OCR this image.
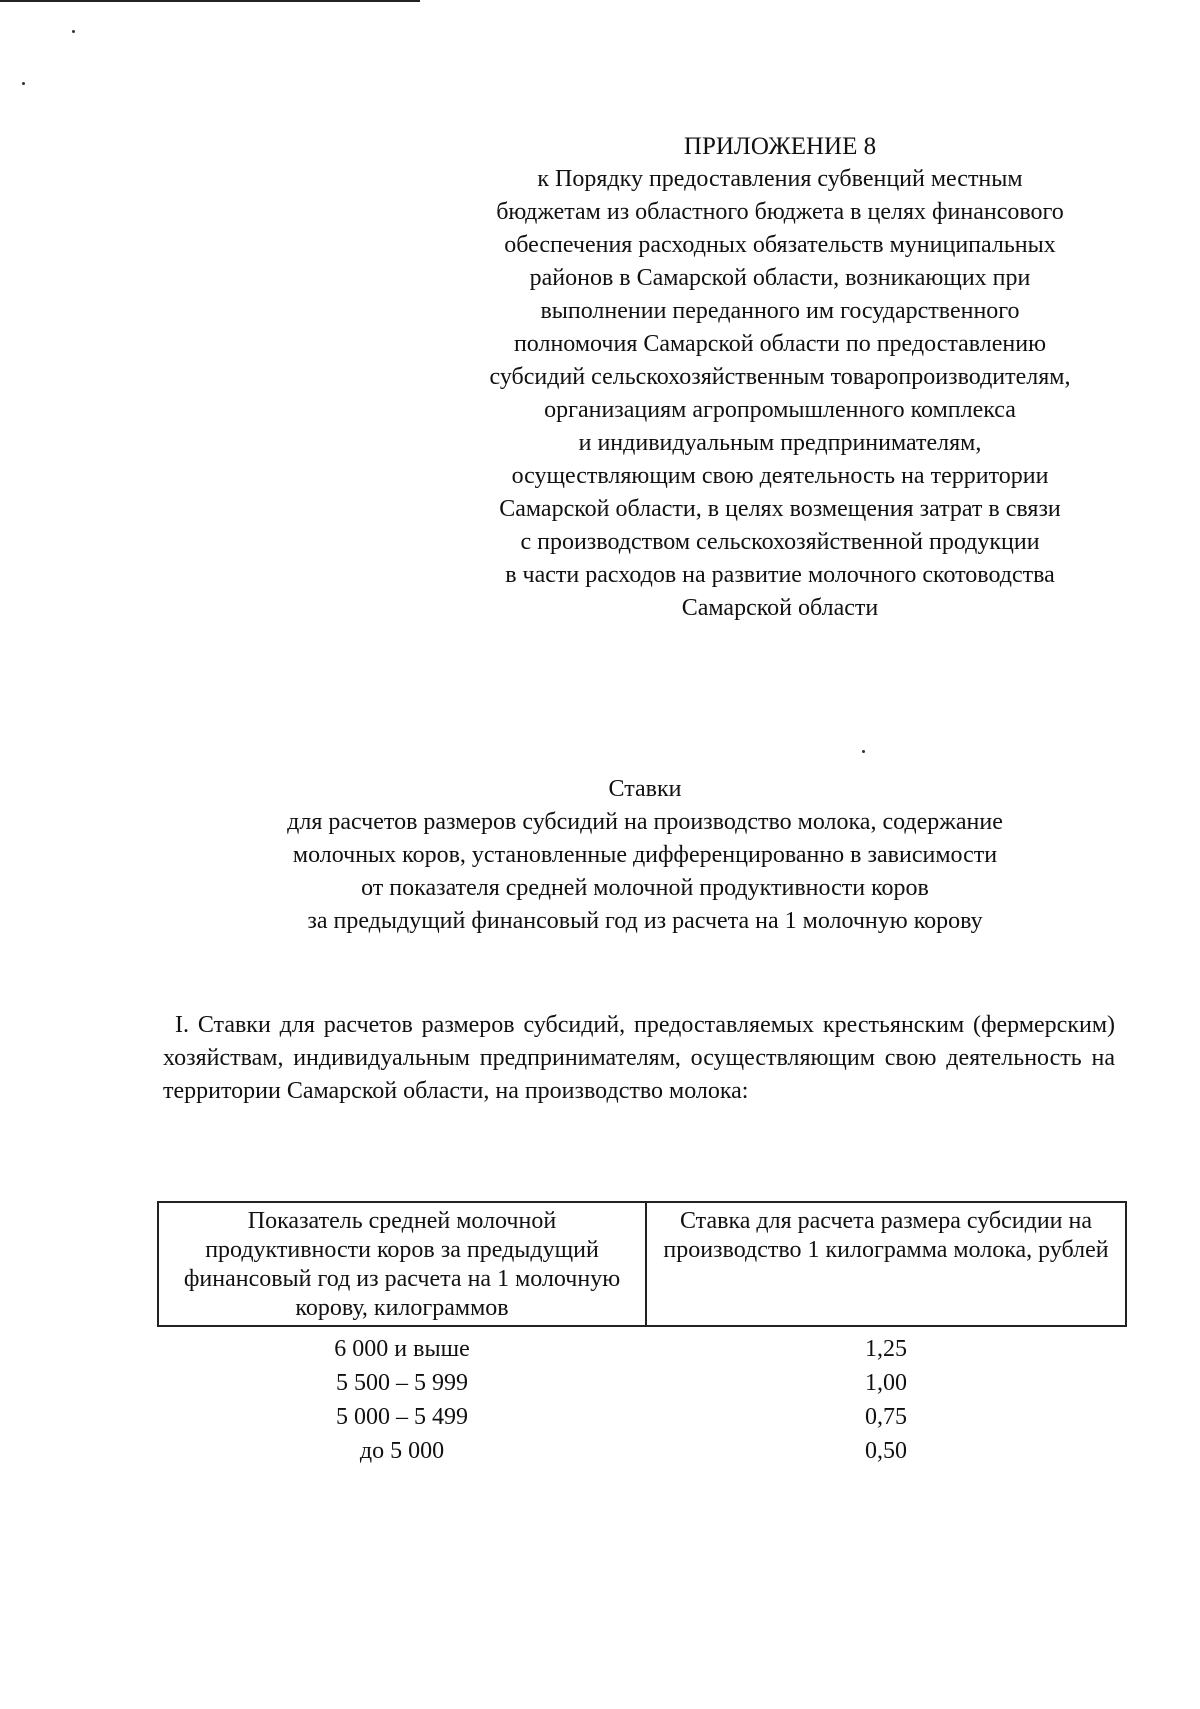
ПРИЛОЖЕНИЕ 8
к Порядку предоставления субвенций местным
бюджетам из областного бюджета в целях финансового
обеспечения расходных обязательств муниципальных
районов в Самарской области, возникающих при
выполнении переданного им государственного
полномочия Самарской области по предоставлению
субсидий сельскохозяйственным товаропроизводителям,
организациям агропромышленного комплекса
и индивидуальным предпринимателям,
осуществляющим свою деятельность на территории
Самарской области, в целях возмещения затрат в связи
с производством сельскохозяйственной продукции
в части расходов на развитие молочного скотоводства
Самарской области
Ставки
для расчетов размеров субсидий на производство молока, содержание
молочных коров, установленные дифференцированно в зависимости
от показателя средней молочной продуктивности коров
за предыдущий финансовый год из расчета на 1 молочную корову
I. Ставки для расчетов размеров субсидий, предоставляемых крестьянским (фермерским) хозяйствам, индивидуальным предпринимателям, осуществляющим свою деятельность на территории Самарской области, на производство молока:
Показатель средней молочной продуктивности коров за предыдущий финансовый год из расчета на 1 молочную корову, килограммов	Ставка для расчета размера субсидии на производство 1 килограмма молока, рублей
6 000 и выше	1,25
5 500 – 5 999	1,00
5 000 – 5 499	0,75
до 5 000	0,50
